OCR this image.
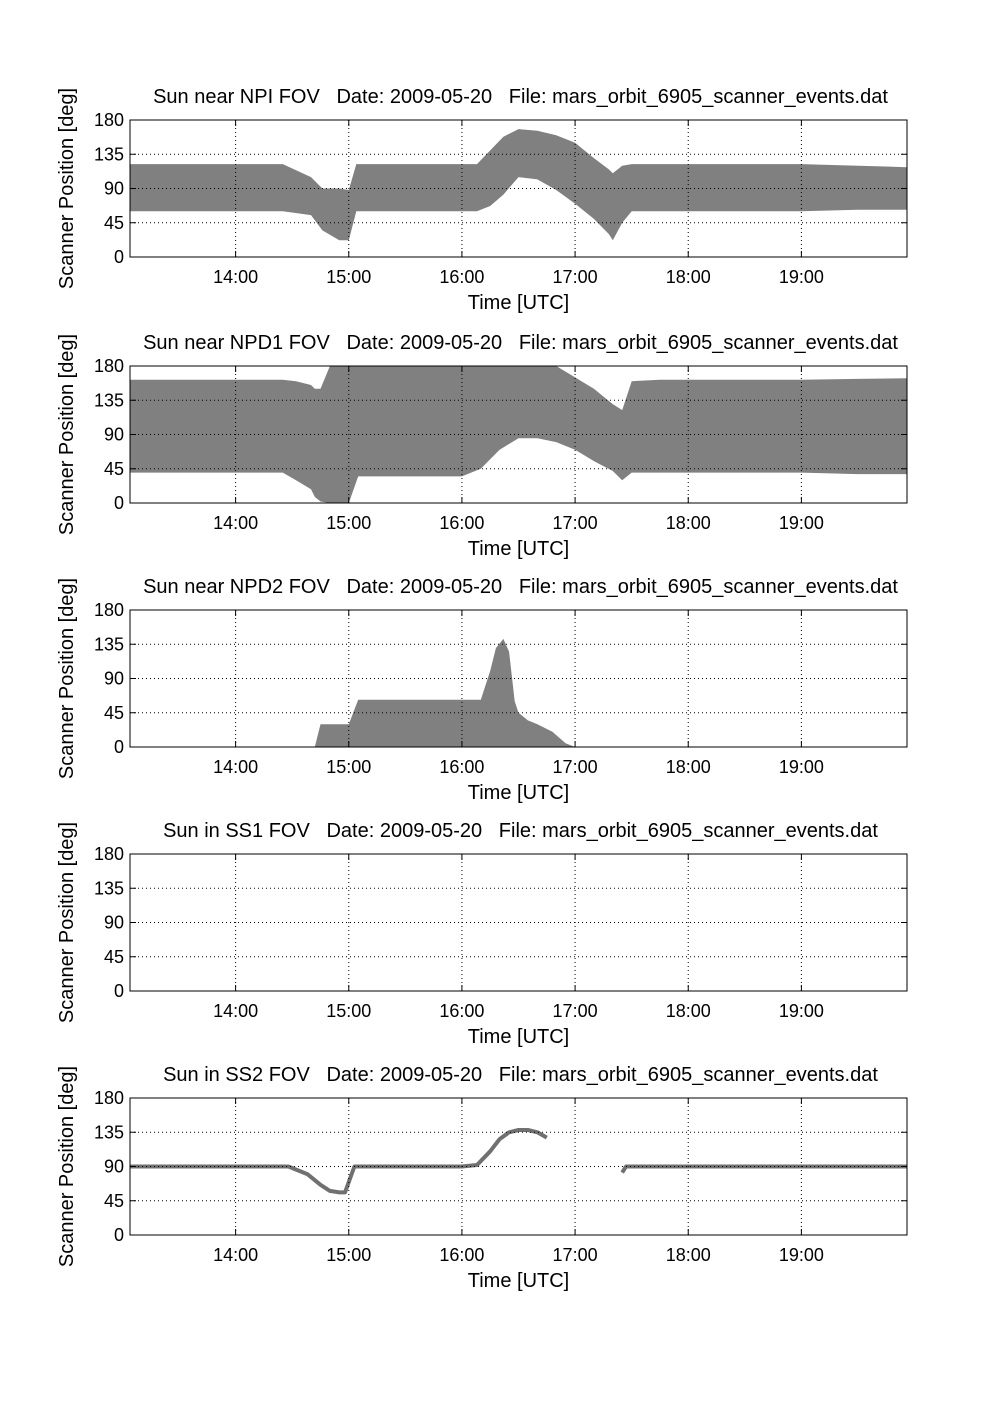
Sun near NPI FOV   Date: 2009-05-20   File: mars_orbit_6905_scanner_events.dat
14:00	15:00	16:00	17:00	18:00	19:00
0
45
90
135
180
Time [UTC]
Scanner Position [deg]
Sun near NPD1 FOV   Date: 2009-05-20   File: mars_orbit_6905_scanner_events.dat
14:00	15:00	16:00	17:00	18:00	19:00
0
45
90
135
180
Time [UTC]
Scanner Position [deg]
Sun near NPD2 FOV   Date: 2009-05-20   File: mars_orbit_6905_scanner_events.dat
14:00	15:00	16:00	17:00	18:00	19:00
0
45
90
135
180
Time [UTC]
Scanner Position [deg]
Sun in SS1 FOV   Date: 2009-05-20   File: mars_orbit_6905_scanner_events.dat
14:00	15:00	16:00	17:00	18:00	19:00
0
45
90
135
180
Time [UTC]
Scanner Position [deg]
Sun in SS2 FOV   Date: 2009-05-20   File: mars_orbit_6905_scanner_events.dat
14:00	15:00	16:00	17:00	18:00	19:00
0
45
90
135
180
Time [UTC]
Scanner Position [deg]
